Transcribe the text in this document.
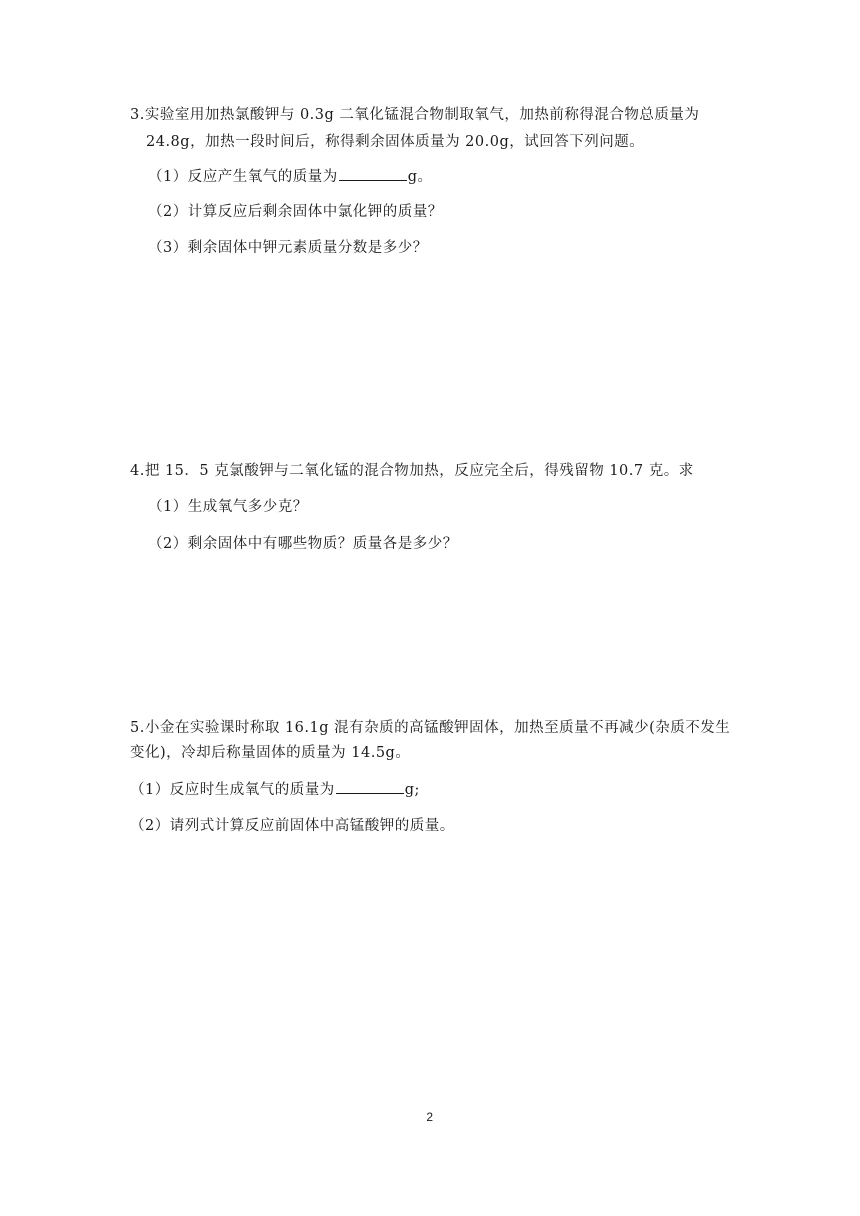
3.实验室用加热氯酸钾与 0.3g 二氧化锰混合物制取氧气，加热前称得混合物总质量为
24.8g，加热一段时间后，称得剩余固体质量为 20.0g，试回答下列问题。
（1）反应产生氧气的质量为	g。
（2）计算反应后剩余固体中氯化钾的质量？
（3）剩余固体中钾元素质量分数是多少？
4.把 15．5 克氯酸钾与二氧化锰的混合物加热，反应完全后，得残留物 10.7 克。求
（1）生成氧气多少克？
（2）剩余固体中有哪些物质？质量各是多少？
5.小金在实验课时称取 16.1g 混有杂质的高锰酸钾固体，加热至质量不再减少(杂质不发生
变化)，冷却后称量固体的质量为 14.5g。
（1）反应时生成氧气的质量为	g;
（2）请列式计算反应前固体中高锰酸钾的质量。
2
